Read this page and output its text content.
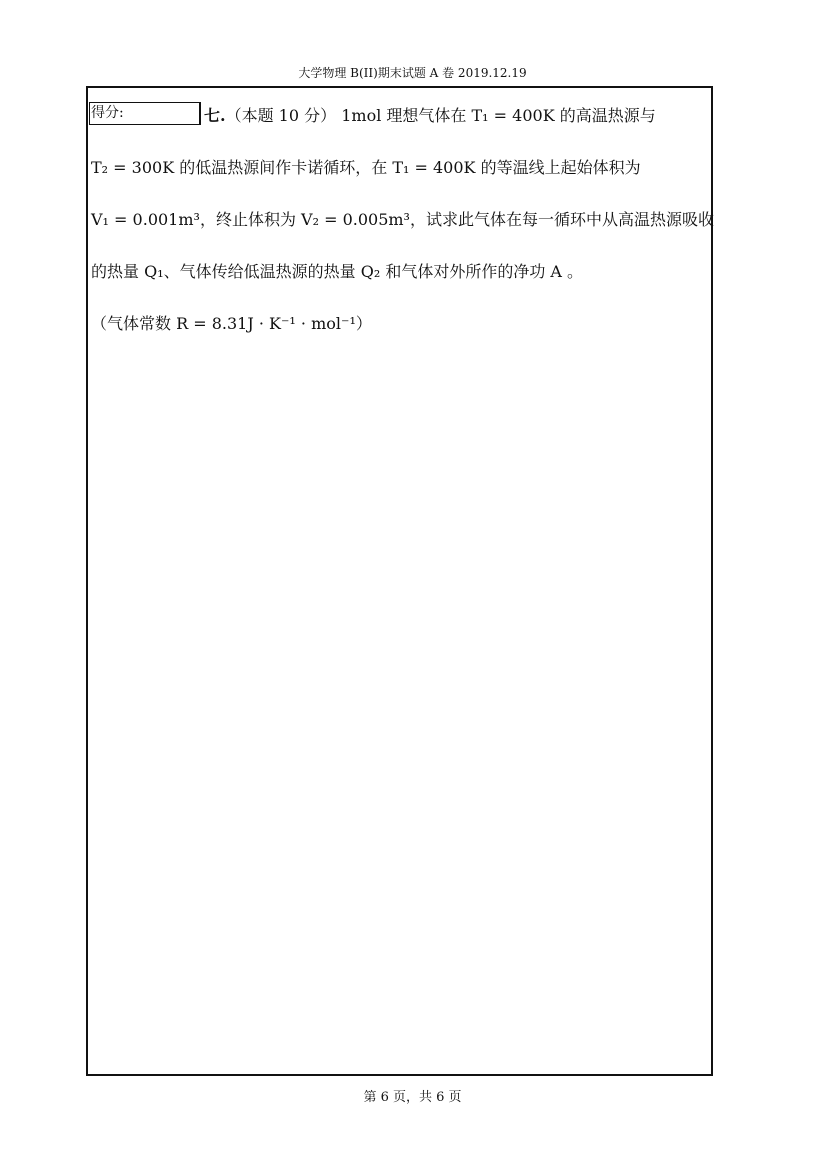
大学物理 B(II)期末试题 A 卷 2019.12.19
得分:	七.（本题 10 分） 1mol 理想气体在 T₁ = 400K 的高温热源与
T₂ = 300K 的低温热源间作卡诺循环，在 T₁ = 400K 的等温线上起始体积为
V₁ = 0.001m³，终止体积为 V₂ = 0.005m³，试求此气体在每一循环中从高温热源吸收
的热量 Q₁、气体传给低温热源的热量 Q₂ 和气体对外所作的净功 A 。
（气体常数 R = 8.31J · K⁻¹ · mol⁻¹）
第 6 页，共 6 页
